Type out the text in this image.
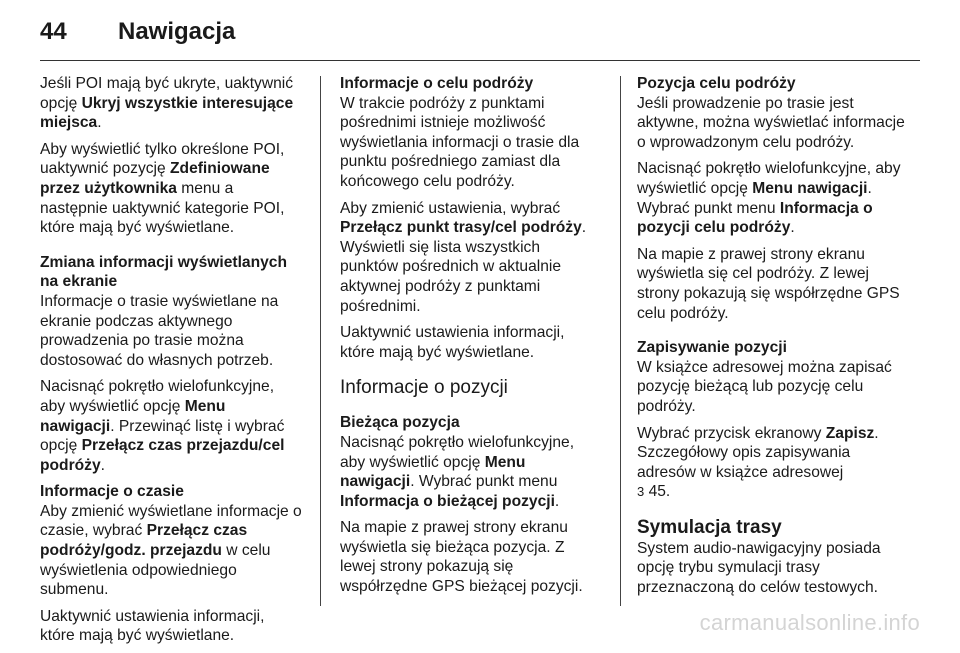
44	Nawigacja

Jeśli POI mają być ukryte, uaktywnić opcję Ukryj wszystkie interesujące miejsca.

Aby wyświetlić tylko określone POI, uaktywnić pozycję Zdefiniowane przez użytkownika menu a następnie uaktywnić kategorie POI, które mają być wyświetlane.

Zmiana informacji wyświetlanych na ekranie

Informacje o trasie wyświetlane na ekranie podczas aktywnego prowadzenia po trasie można dostosować do własnych potrzeb.

Nacisnąć pokrętło wielofunkcyjne, aby wyświetlić opcję Menu nawigacji. Przewinąć listę i wybrać opcję Przełącz czas przejazdu/cel podróży.

Informacje o czasie

Aby zmienić wyświetlane informacje o czasie, wybrać Przełącz czas podróży/godz. przejazdu w celu wyświetlenia odpowiedniego submenu.

Uaktywnić ustawienia informacji, które mają być wyświetlane.

Informacje o celu podróży

W trakcie podróży z punktami pośrednimi istnieje możliwość wyświetlania informacji o trasie dla punktu pośredniego zamiast dla końcowego celu podróży.

Aby zmienić ustawienia, wybrać Przełącz punkt trasy/cel podróży. Wyświetli się lista wszystkich punktów pośrednich w aktualnie aktywnej podróży z punktami pośrednimi.

Uaktywnić ustawienia informacji, które mają być wyświetlane.

Informacje o pozycji
Bieżąca pozycja

Nacisnąć pokrętło wielofunkcyjne, aby wyświetlić opcję Menu nawigacji. Wybrać punkt menu Informacja o bieżącej pozycji.

Na mapie z prawej strony ekranu wyświetla się bieżąca pozycja. Z lewej strony pokazują się współrzędne GPS bieżącej pozycji.

Pozycja celu podróży

Jeśli prowadzenie po trasie jest aktywne, można wyświetlać informacje o wprowadzonym celu podróży.

Nacisnąć pokrętło wielofunkcyjne, aby wyświetlić opcję Menu nawigacji. Wybrać punkt menu Informacja o pozycji celu podróży.

Na mapie z prawej strony ekranu wyświetla się cel podróży. Z lewej strony pokazują się współrzędne GPS celu podróży.

Zapisywanie pozycji

W książce adresowej można zapisać pozycję bieżącą lub pozycję celu podróży.

Wybrać przycisk ekranowy Zapisz. Szczegółowy opis zapisywania adresów w książce adresowej
3 45.

Symulacja trasy

System audio-nawigacyjny posiada opcję trybu symulacji trasy przeznaczoną do celów testowych.

carmanualsonline.info
